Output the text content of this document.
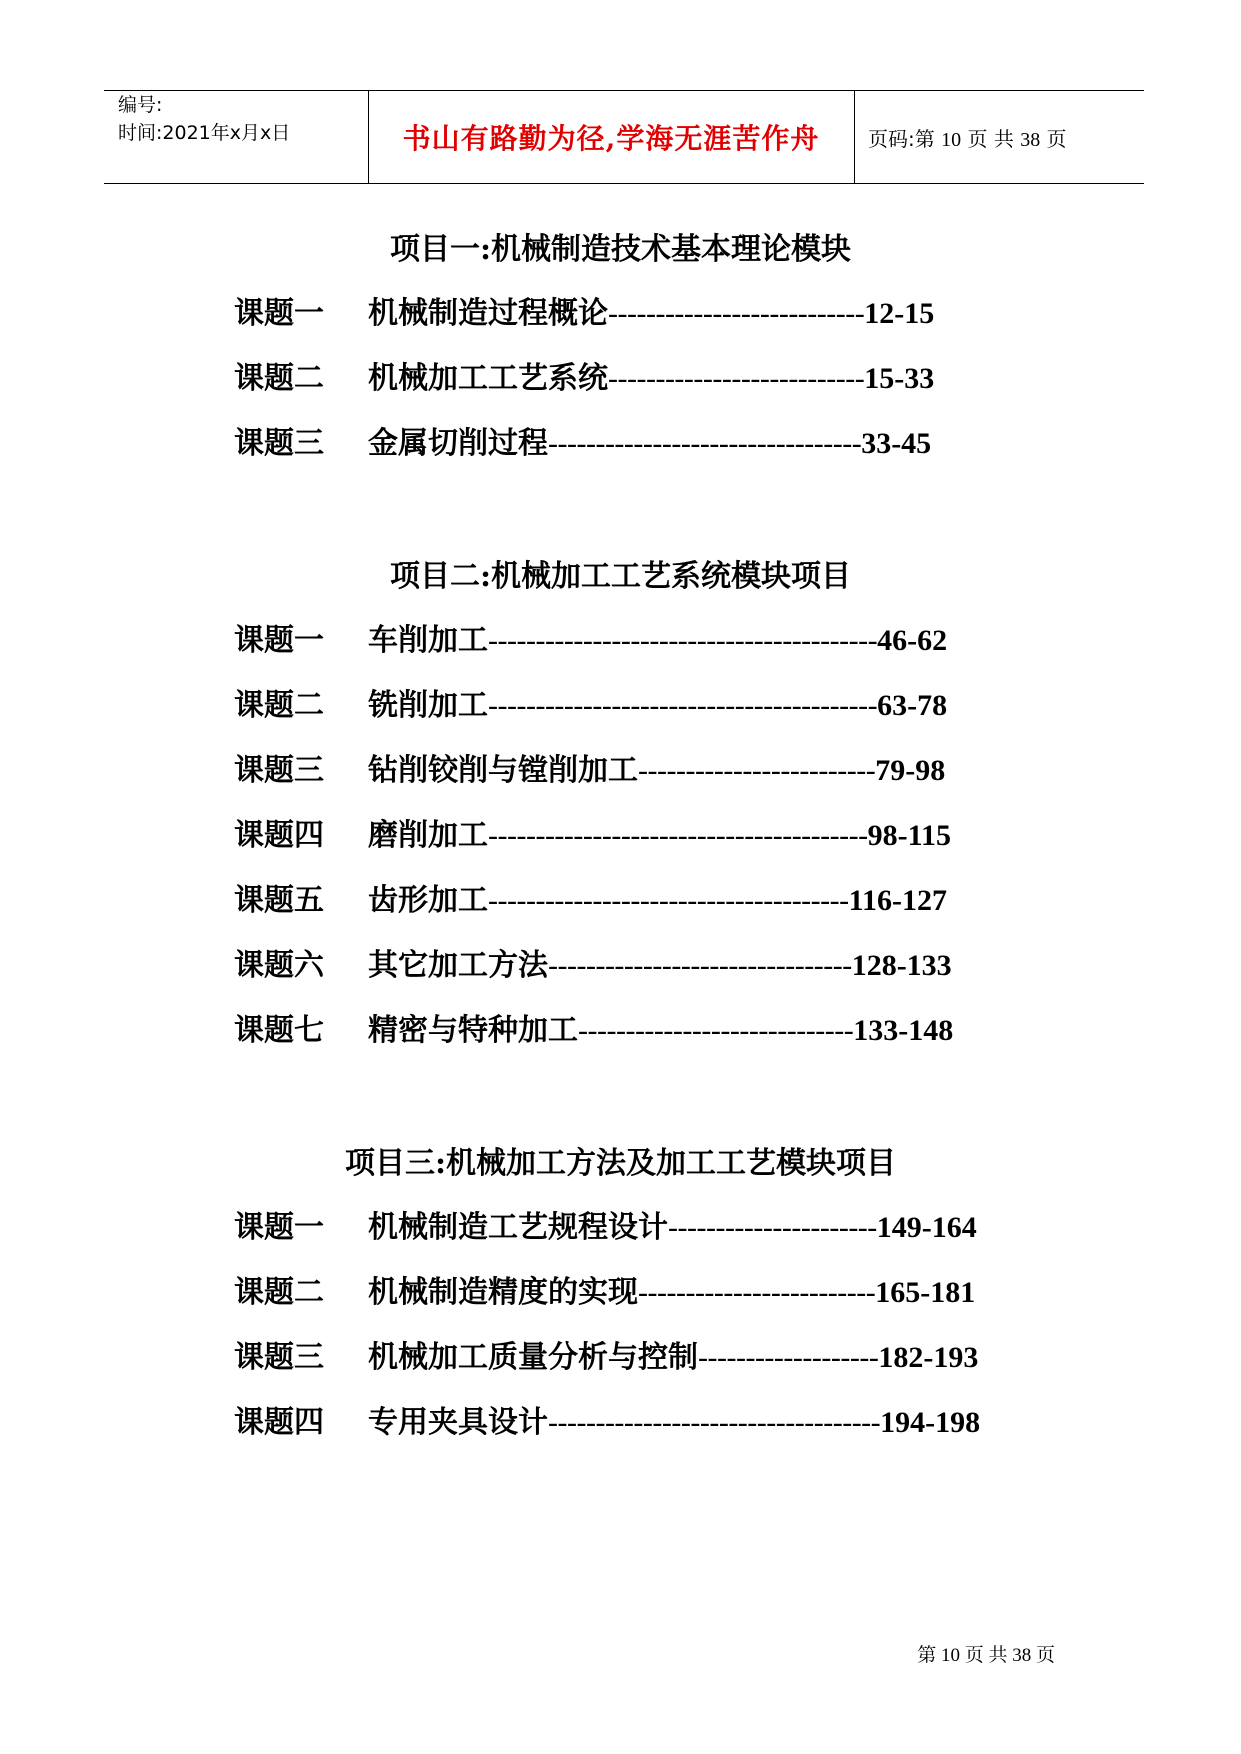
编号:
时间:2021年x月x日	书山有路勤为径,学海无涯苦作舟	页码:第 10 页 共 38 页
项目一:机械制造技术基本理论模块
课题一 机械制造过程概论---------------------------12-15
课题二 机械加工工艺系统---------------------------15-33
课题三 金属切削过程---------------------------------33-45
项目二:机械加工工艺系统模块项目
课题一 车削加工-----------------------------------------46-62
课题二 铣削加工-----------------------------------------63-78
课题三 钻削铰削与镗削加工-------------------------79-98
课题四 磨削加工----------------------------------------98-115
课题五 齿形加工--------------------------------------116-127
课题六 其它加工方法--------------------------------128-133
课题七 精密与特种加工-----------------------------133-148
项目三:机械加工方法及加工工艺模块项目
课题一 机械制造工艺规程设计----------------------149-164
课题二 机械制造精度的实现-------------------------165-181
课题三 机械加工质量分析与控制-------------------182-193
课题四 专用夹具设计-----------------------------------194-198
第 10 页 共 38 页
